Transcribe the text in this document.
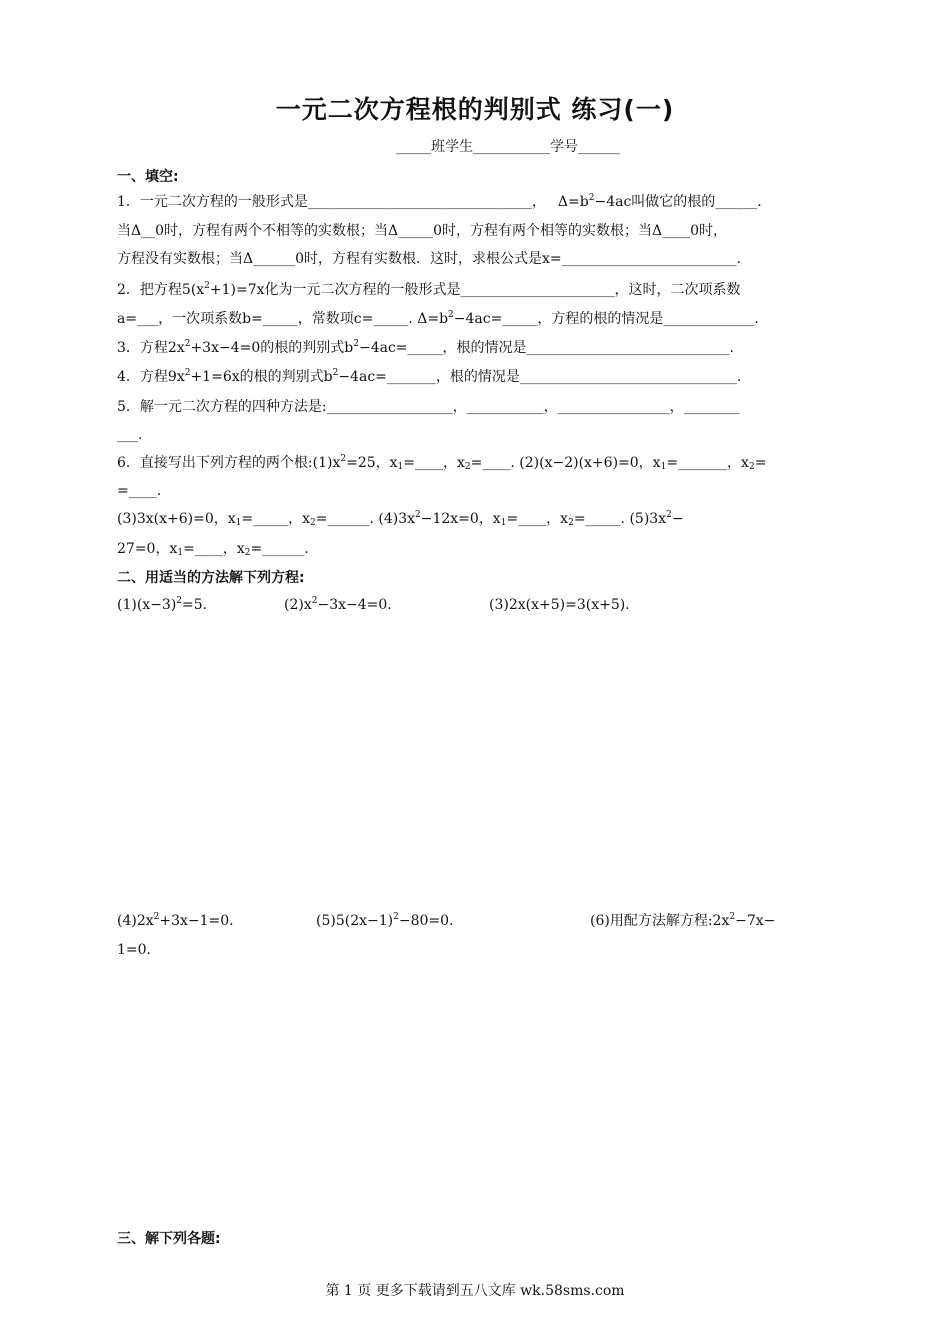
一元二次方程根的判别式 练习(一)
_____班学生___________学号______
一、填空:
1．一元二次方程的一般形式是________________________________， $\Delta=b^2-4ac$叫做它的根的______.
当Δ__0时，方程有两个不相等的实数根；当Δ_____0时，方程有两个相等的实数根；当Δ____0时，
方程没有实数根；当Δ______0时，方程有实数根．这时，求根公式是x=_________________________.
2．把方程$5(x^2+1)=7x$化为一元二次方程的一般形式是______________________，这时，二次项系数
a=___，一次项系数b=_____，常数项c=_____. $\Delta=b^2-4ac=\_\_\_\_\_$，方程的根的情况是_____________.
3．方程$2x^2+3x-4=0$的根的判别式$b^2-4ac=\_\_\_\_\_$，根的情况是_____________________________.
4．方程$9x^2+1=6x$的根的判别式$b^2-4ac=\_\_\_\_\_\_\_$，根的情况是_______________________________.
5．解一元二次方程的四种方法是:__________________，___________，________________，________
___.
6．直接写出下列方程的两个根$:(1)x^2=25$，$x_1=\_\_\_\_$，$x_2=\_\_\_\_$. (2)(x−2)(x+6)=0，$x_1=\_\_\_\_\_\_\_$，$x_2=$
=____.
(3)3x(x+6)=0，$x_1=\_\_\_\_\_$，$x_2=\_\_\_\_\_\_$. $(4)3x^2-12x=0$，$x_1=\_\_\_\_$，$x_2=\_\_\_\_\_$. $(5)3x^2-$
27=0，$x_1=\_\_\_\_$，$x_2=\_\_\_\_\_\_$.
二、用适当的方法解下列方程:
$(1)(x-3)^2=5$.	$(2)x^2-3x-4=0$.	(3)2x(x+5)=3(x+5).
$(4)2x^2+3x-1=0$.	$(5)5(2x-1)^2-80=0$.	(6)用配方法解方程$:2x^2-7x-$
1=0.
三、解下列各题:
第 1 页 更多下载请到五八文库 wk.58sms.com
